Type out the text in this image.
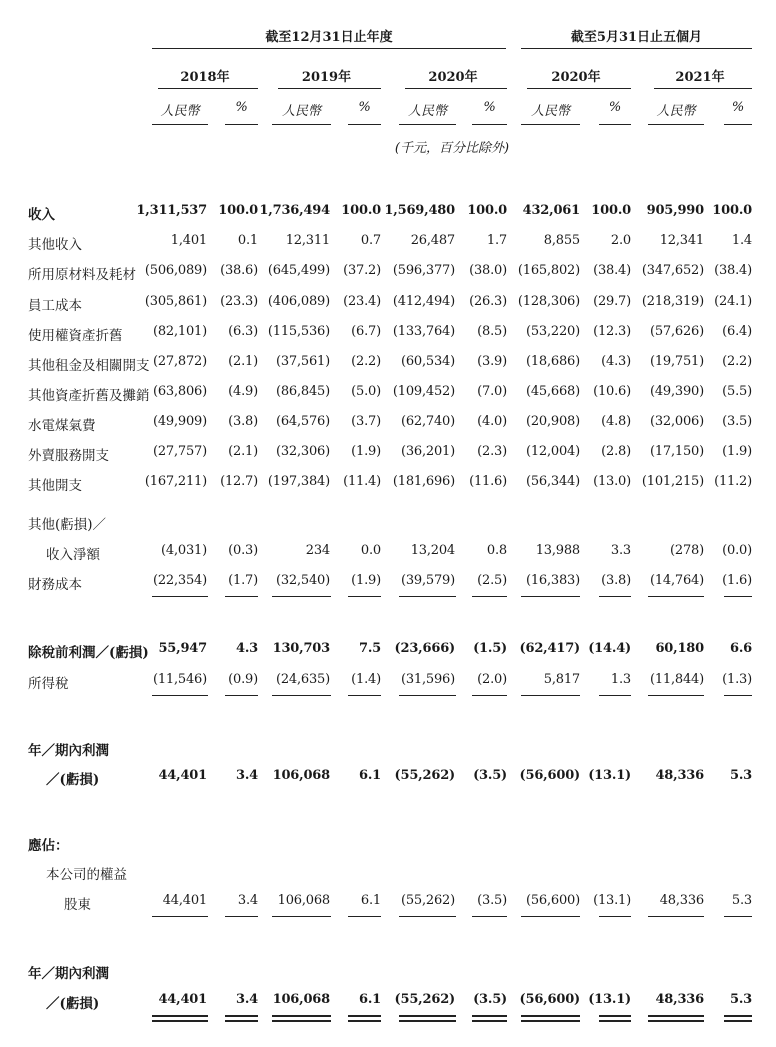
截至12月31日止年度	截至5月31日止五個月
2018年	2019年	2020年	2020年	2021年
人民幣	%	人民幣	%	人民幣	%	人民幣	%	人民幣	%
(千元，百分比除外)
收入	1,311,537 100.0 1,736,494 100.0 1,569,480 100.0	432,061 100.0	905,990 100.0
其他收入	1,401	0.1	12,311	0.7	26,487	1.7	8,855	2.0	12,341	1.4
所用原材料及耗材 (506,089)	(38.6) (645,499)	(37.2) (596,377)	(38.0) (165,802)	(38.4) (347,652) (38.4)
員工成本	(305,861)	(23.3) (406,089)	(23.4) (412,494)	(26.3) (128,306)	(29.7) (218,319) (24.1)
使用權資產折舊	(82,101)	(6.3) (115,536)	(6.7) (133,764)	(8.5)	(53,220)	(12.3)	(57,626)	(6.4)
其他租金及相關開支 (27,872)	(2.1)	(37,561)	(2.2)	(60,534)	(3.9)	(18,686)	(4.3)	(19,751)	(2.2)
其他資產折舊及攤銷 (63,806)	(4.9)	(86,845)	(5.0) (109,452)	(7.0)	(45,668)	(10.6)	(49,390)	(5.5)
水電煤氣費	(49,909)	(3.8)	(64,576)	(3.7)	(62,740)	(4.0)	(20,908)	(4.8)	(32,006)	(3.5)
外賣服務開支	(27,757)	(2.1)	(32,306)	(1.9)	(36,201)	(2.3)	(12,004)	(2.8)	(17,150)	(1.9)
其他開支	(167,211)	(12.7) (197,384)	(11.4) (181,696)	(11.6)	(56,344)	(13.0) (101,215) (11.2)
其他(虧損)／
收入淨額	(4,031)	(0.3)	234	0.0	13,204	0.8	13,988	3.3	(278)	(0.0)
財務成本	(22,354)	(1.7)	(32,540)	(1.9)	(39,579)	(2.5)	(16,383)	(3.8)	(14,764)	(1.6)
除稅前利潤／(虧損) 55,947	4.3	130,703	7.5	(23,666)	(1.5) (62,417) (14.4)	60,180	6.6
所得稅	(11,546)	(0.9)	(24,635)	(1.4)	(31,596)	(2.0)	5,817	1.3	(11,844)	(1.3)
年／期內利潤
／(虧損)	44,401	3.4	106,068	6.1	(55,262)	(3.5) (56,600) (13.1)	48,336	5.3
應佔：
本公司的權益
股東	44,401	3.4	106,068	6.1	(55,262)	(3.5)	(56,600)	(13.1)	48,336	5.3
年／期內利潤
／(虧損)	44,401	3.4	106,068	6.1	(55,262)	(3.5) (56,600) (13.1)	48,336	5.3
